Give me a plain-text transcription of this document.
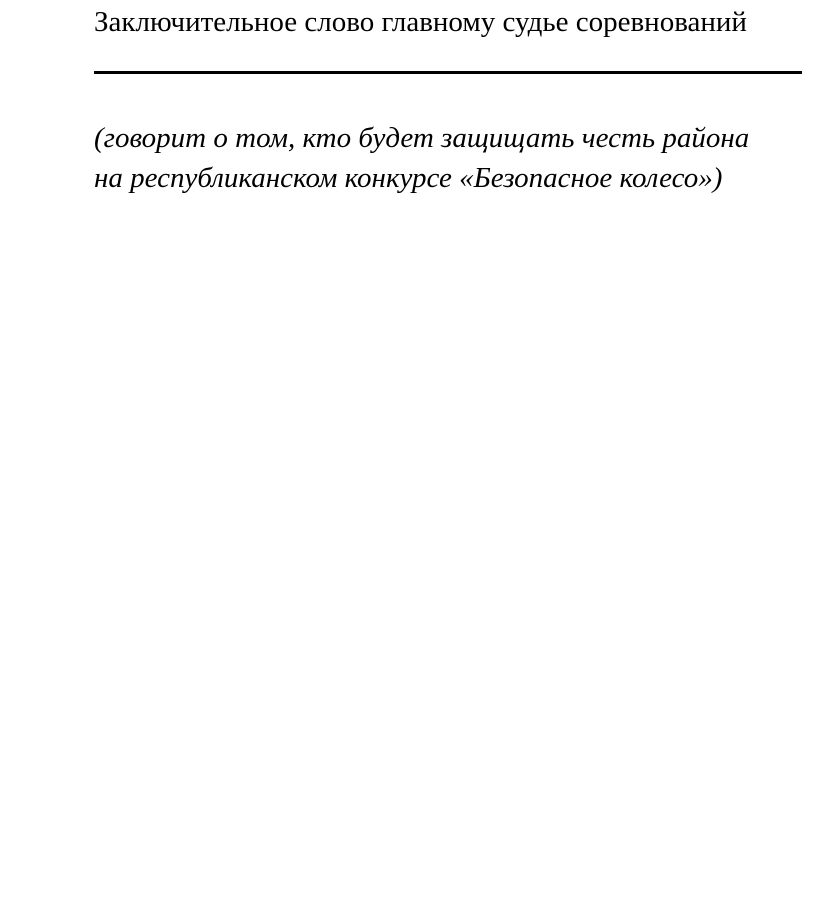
Заключительное слово главному судье соревнований

(говорит о том, кто будет защищать честь района
на республиканском конкурсе «Безопасное колесо»)
